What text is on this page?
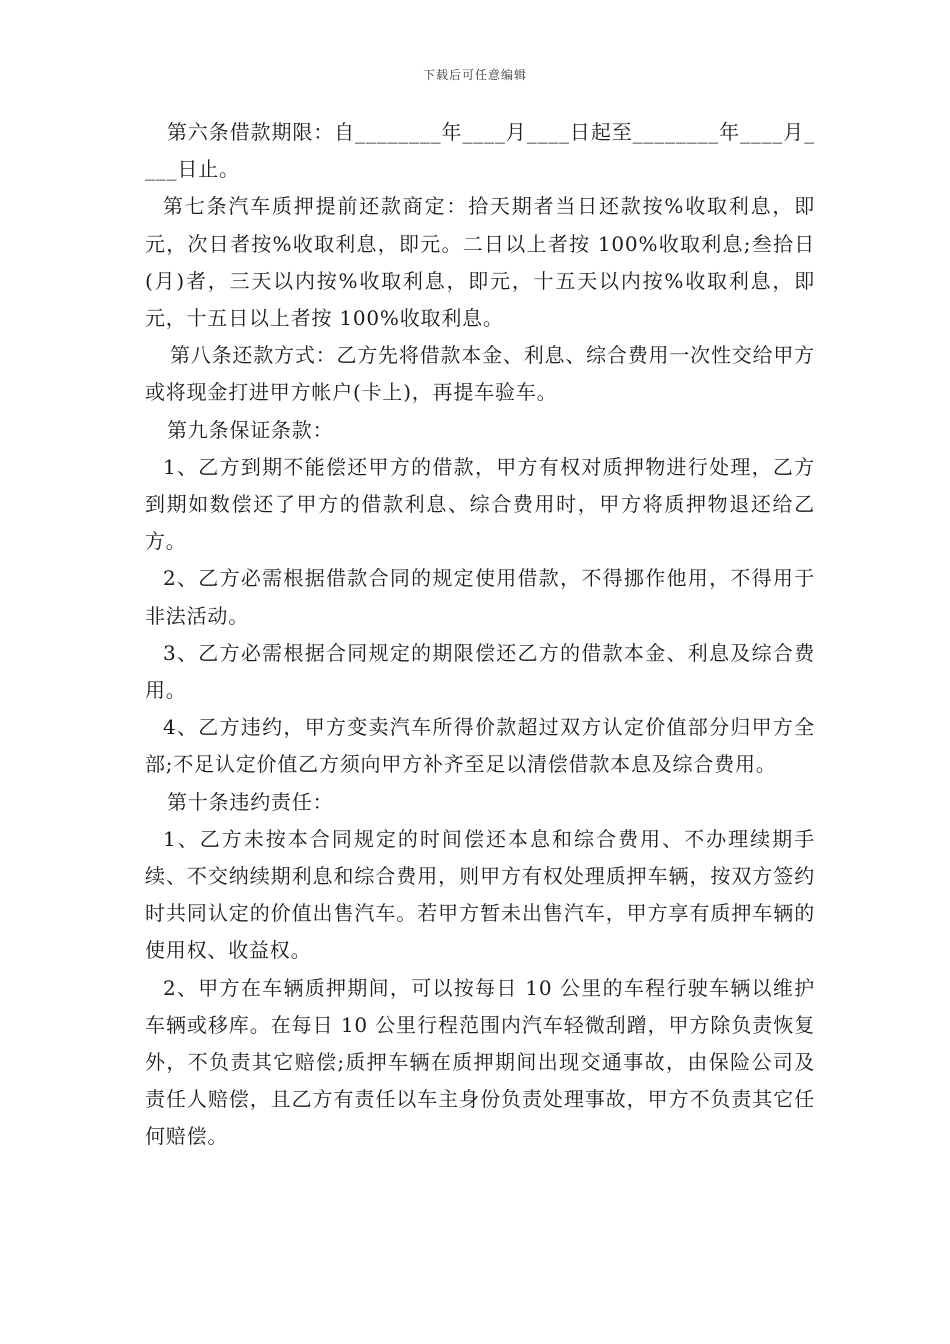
下载后可任意编辑

第六条借款期限：自________年____月____日起至________年____月____日止。

第七条汽车质押提前还款商定：拾天期者当日还款按%收取利息，即元，次日者按%收取利息，即元。二日以上者按 100%收取利息;叁拾日(月)者，三天以内按%收取利息，即元，十五天以内按%收取利息，即元，十五日以上者按 100%收取利息。

第八条还款方式：乙方先将借款本金、利息、综合费用一次性交给甲方或将现金打进甲方帐户(卡上)，再提车验车。

第九条保证条款：

1、乙方到期不能偿还甲方的借款，甲方有权对质押物进行处理，乙方到期如数偿还了甲方的借款利息、综合费用时，甲方将质押物退还给乙方。

2、乙方必需根据借款合同的规定使用借款，不得挪作他用，不得用于非法活动。

3、乙方必需根据合同规定的期限偿还乙方的借款本金、利息及综合费用。

4、乙方违约，甲方变卖汽车所得价款超过双方认定价值部分归甲方全部;不足认定价值乙方须向甲方补齐至足以清偿借款本息及综合费用。

第十条违约责任：

1、乙方未按本合同规定的时间偿还本息和综合费用、不办理续期手续、不交纳续期利息和综合费用，则甲方有权处理质押车辆，按双方签约时共同认定的价值出售汽车。若甲方暂未出售汽车，甲方享有质押车辆的使用权、收益权。

2、甲方在车辆质押期间，可以按每日 10 公里的车程行驶车辆以维护车辆或移库。在每日 10 公里行程范围内汽车轻微刮蹭，甲方除负责恢复外，不负责其它赔偿;质押车辆在质押期间出现交通事故，由保险公司及责任人赔偿，且乙方有责任以车主身份负责处理事故，甲方不负责其它任何赔偿。
